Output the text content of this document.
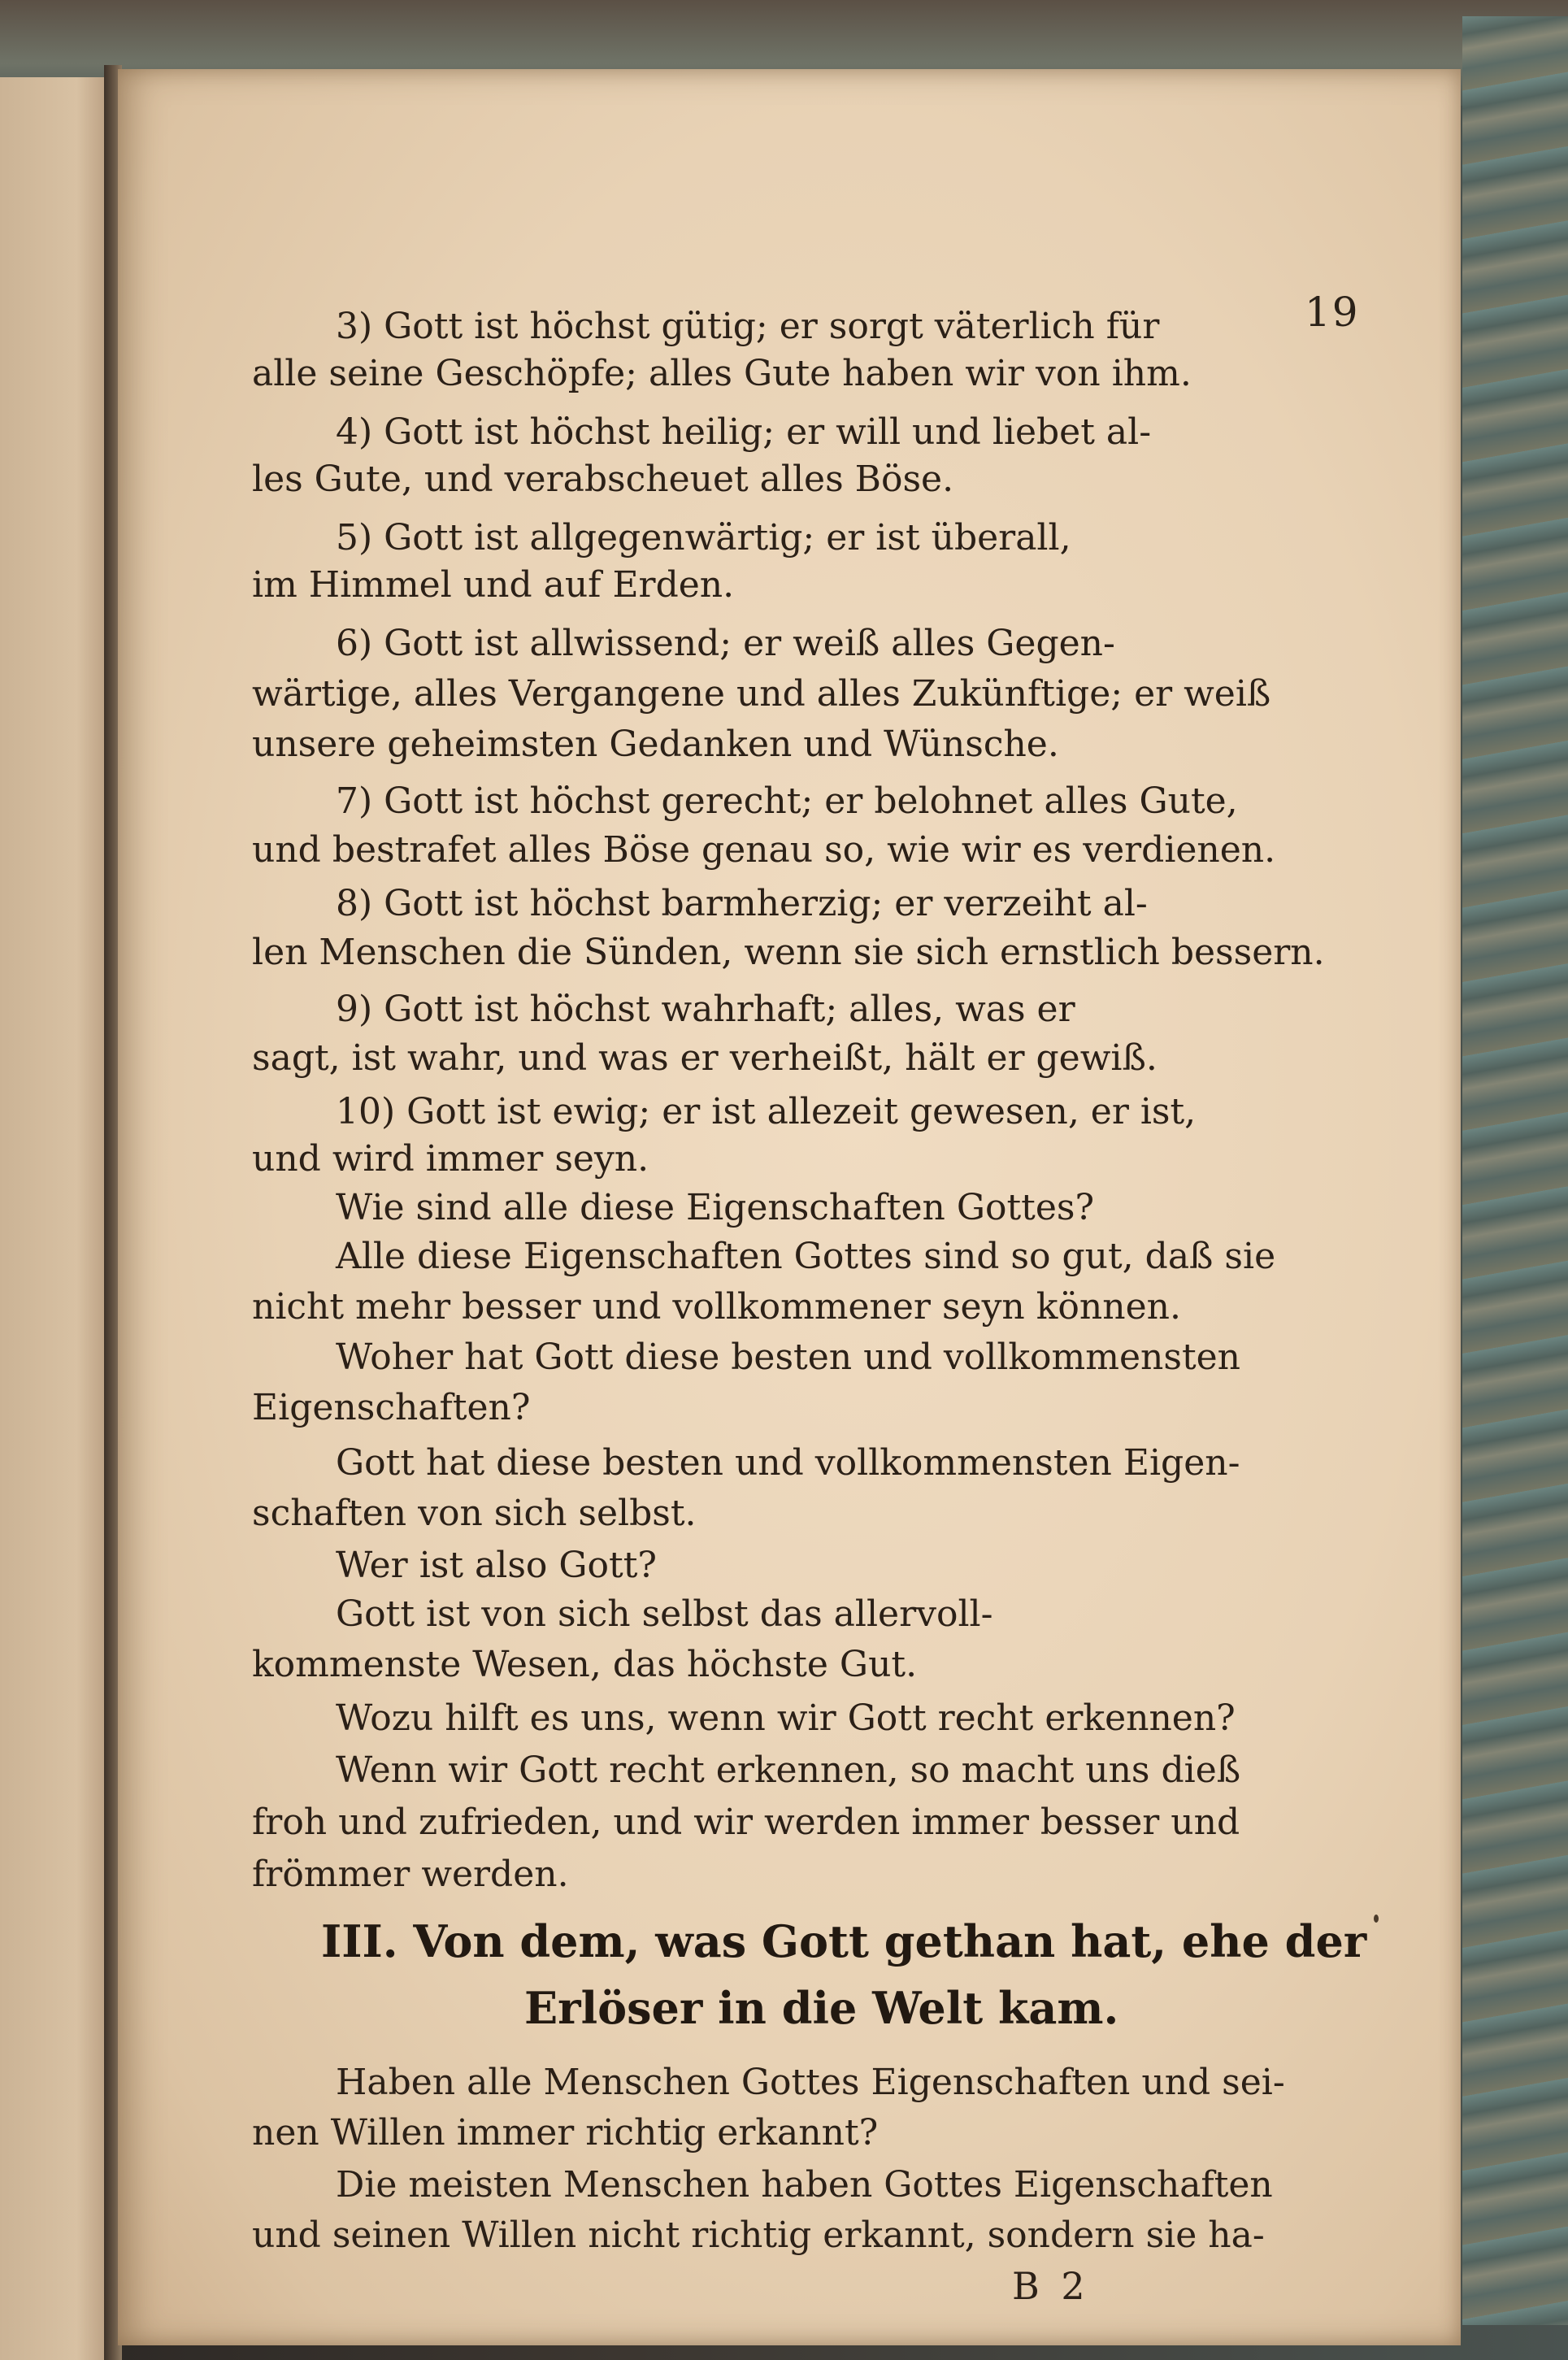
19
3) Gott ist höchst gütig; er sorgt väterlich für
alle seine Geschöpfe; alles Gute haben wir von ihm.
4) Gott ist höchst heilig; er will und liebet al-
les Gute, und verabscheuet alles Böse.
5) Gott ist allgegenwärtig; er ist überall,
im Himmel und auf Erden.
6) Gott ist allwissend; er weiß alles Gegen-
wärtige, alles Vergangene und alles Zukünftige; er weiß
unsere geheimsten Gedanken und Wünsche.
7) Gott ist höchst gerecht; er belohnet alles Gute,
und bestrafet alles Böse genau so, wie wir es verdienen.
8) Gott ist höchst barmherzig; er verzeiht al-
len Menschen die Sünden, wenn sie sich ernstlich bessern.
9) Gott ist höchst wahrhaft; alles, was er
sagt, ist wahr, und was er verheißt, hält er gewiß.
10) Gott ist ewig; er ist allezeit gewesen, er ist,
und wird immer seyn.
Wie sind alle diese Eigenschaften Gottes?
Alle diese Eigenschaften Gottes sind so gut, daß sie
nicht mehr besser und vollkommener seyn können.
Woher hat Gott diese besten und vollkommensten
Eigenschaften?
Gott hat diese besten und vollkommensten Eigen-
schaften von sich selbst.
Wer ist also Gott?
Gott ist von sich selbst das allervoll-
kommenste Wesen, das höchste Gut.
Wozu hilft es uns, wenn wir Gott recht erkennen?
Wenn wir Gott recht erkennen, so macht uns dieß
froh und zufrieden, und wir werden immer besser und
frömmer werden.
III. Von dem, was Gott gethan hat, ehe der
Erlöser in die Welt kam.
Haben alle Menschen Gottes Eigenschaften und sei-
nen Willen immer richtig erkannt?
Die meisten Menschen haben Gottes Eigenschaften
und seinen Willen nicht richtig erkannt, sondern sie ha-
B 2
